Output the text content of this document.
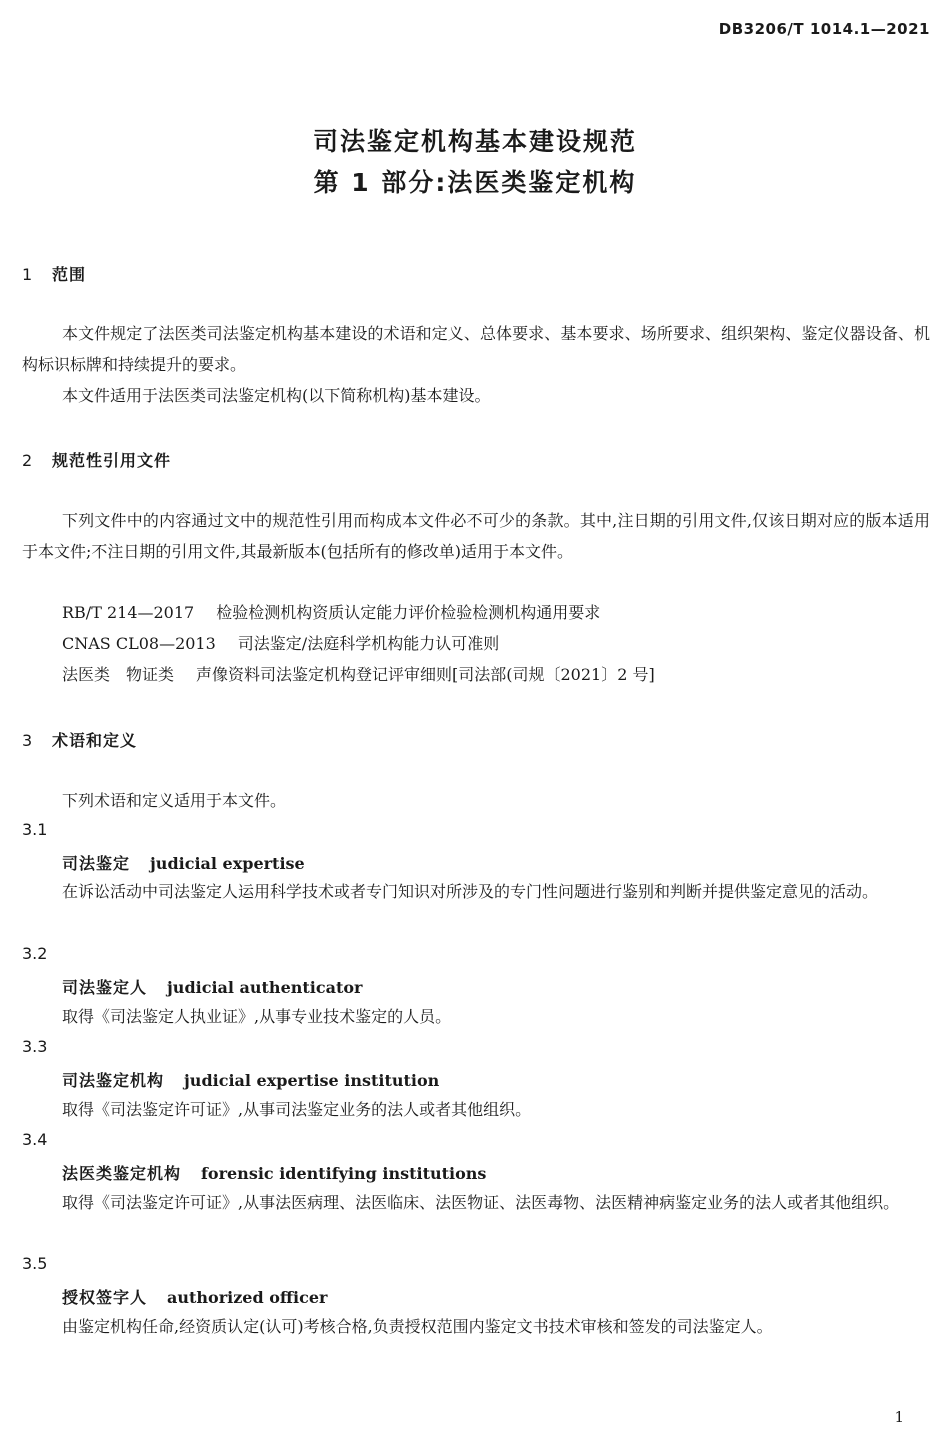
DB3206/T 1014.1—2021
司法鉴定机构基本建设规范
第 1 部分:法医类鉴定机构
1 范围
本文件规定了法医类司法鉴定机构基本建设的术语和定义、总体要求、基本要求、场所要求、组织架构、鉴定仪器设备、机构标识标牌和持续提升的要求。
本文件适用于法医类司法鉴定机构(以下简称机构)基本建设。
2 规范性引用文件
下列文件中的内容通过文中的规范性引用而构成本文件必不可少的条款。其中,注日期的引用文件,仅该日期对应的版本适用于本文件;不注日期的引用文件,其最新版本(包括所有的修改单)适用于本文件。
RB/T 214—2017 检验检测机构资质认定能力评价检验检测机构通用要求
CNAS CL08—2013 司法鉴定/法庭科学机构能力认可准则
法医类　物证类 声像资料司法鉴定机构登记评审细则[司法部(司规〔2021〕2 号]
3 术语和定义
下列术语和定义适用于本文件。
3.1
司法鉴定 judicial expertise
在诉讼活动中司法鉴定人运用科学技术或者专门知识对所涉及的专门性问题进行鉴别和判断并提供鉴定意见的活动。
3.2
司法鉴定人 judicial authenticator
取得《司法鉴定人执业证》,从事专业技术鉴定的人员。
3.3
司法鉴定机构 judicial expertise institution
取得《司法鉴定许可证》,从事司法鉴定业务的法人或者其他组织。
3.4
法医类鉴定机构 forensic identifying institutions
取得《司法鉴定许可证》,从事法医病理、法医临床、法医物证、法医毒物、法医精神病鉴定业务的法人或者其他组织。
3.5
授权签字人 authorized officer
由鉴定机构任命,经资质认定(认可)考核合格,负责授权范围内鉴定文书技术审核和签发的司法鉴定人。
1
